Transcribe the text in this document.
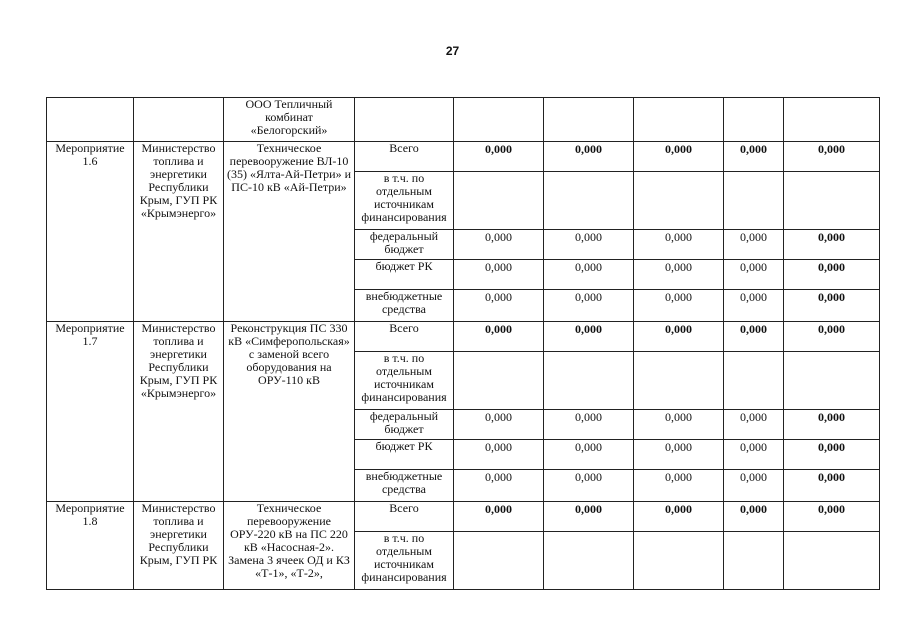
27
		ООО Тепличный комбинат «Белогорский»						
Мероприятие 1.6	Министерство топлива и энергетики Республики Крым, ГУП РК «Крымэнерго»	Техническое перевооружение ВЛ-10 (35) «Ялта-Ай-Петри» и ПС-10 кВ «Ай-Петри»	Всего	0,000	0,000	0,000	0,000	0,000
			в т.ч. по отдельным источникам финансирования					
			федеральный бюджет	0,000	0,000	0,000	0,000	0,000
			бюджет РК	0,000	0,000	0,000	0,000	0,000
			внебюджетные средства	0,000	0,000	0,000	0,000	0,000
Мероприятие 1.7	Министерство топлива и энергетики Республики Крым, ГУП РК «Крымэнерго»	Реконструкция ПС 330 кВ «Симферопольская» с заменой всего оборудования на ОРУ-110 кВ	Всего	0,000	0,000	0,000	0,000	0,000
			в т.ч. по отдельным источникам финансирования					
			федеральный бюджет	0,000	0,000	0,000	0,000	0,000
			бюджет РК	0,000	0,000	0,000	0,000	0,000
			внебюджетные средства	0,000	0,000	0,000	0,000	0,000
Мероприятие 1.8	Министерство топлива и энергетики Республики Крым, ГУП РК	Техническое перевооружение ОРУ-220 кВ на ПС 220 кВ «Насосная-2». Замена 3 ячеек ОД и КЗ «Т-1», «Т-2»,	Всего	0,000	0,000	0,000	0,000	0,000
			в т.ч. по отдельным источникам финансирования					
